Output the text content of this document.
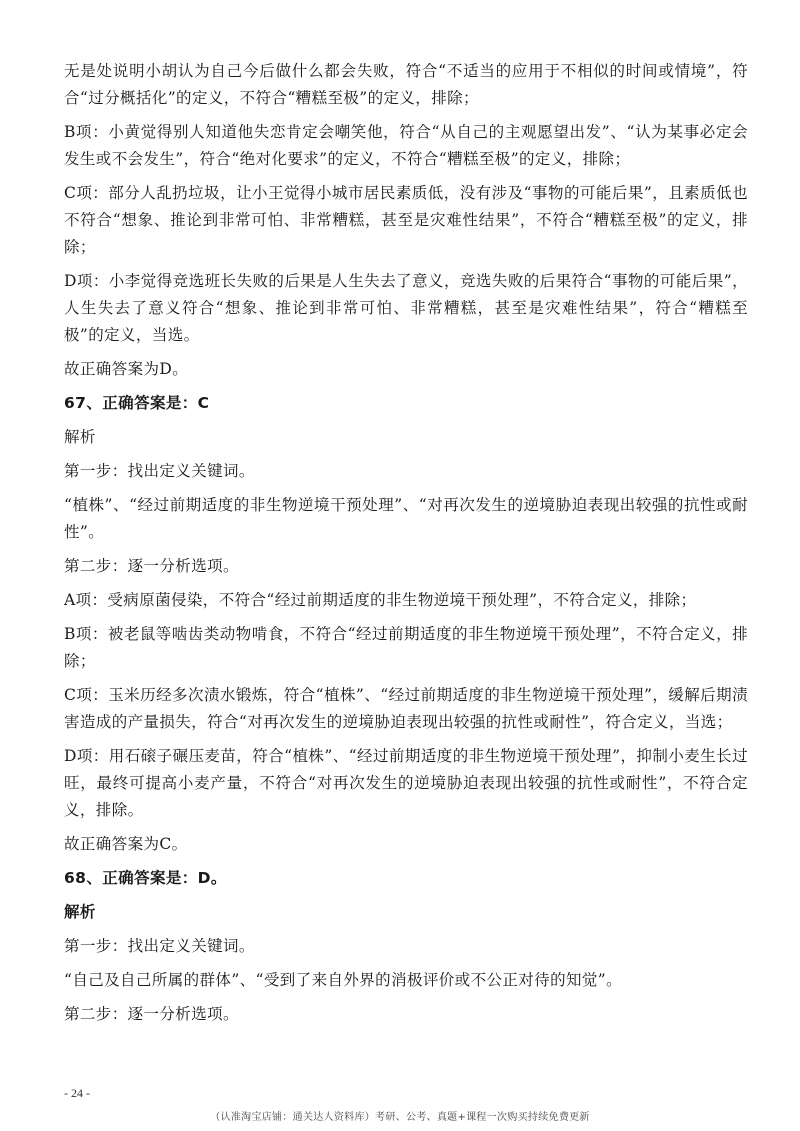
无是处说明小胡认为自己今后做什么都会失败，符合“不适当的应用于不相似的时间或情境”，符合“过分概括化”的定义，不符合“糟糕至极”的定义，排除；

B项：小黄觉得别人知道他失恋肯定会嘲笑他，符合“从自己的主观愿望出发”、“认为某事必定会发生或不会发生”，符合“绝对化要求”的定义，不符合“糟糕至极”的定义，排除；

C项：部分人乱扔垃圾，让小王觉得小城市居民素质低，没有涉及“事物的可能后果”，且素质低也不符合“想象、推论到非常可怕、非常糟糕，甚至是灾难性结果”，不符合“糟糕至极”的定义，排除；

D项：小李觉得竞选班长失败的后果是人生失去了意义，竞选失败的后果符合“事物的可能后果”，人生失去了意义符合“想象、推论到非常可怕、非常糟糕，甚至是灾难性结果”，符合“糟糕至极”的定义，当选。

故正确答案为D。

67、正确答案是：C

解析

第一步：找出定义关键词。

“植株”、“经过前期适度的非生物逆境干预处理”、“对再次发生的逆境胁迫表现出较强的抗性或耐性”。

第二步：逐一分析选项。

A项：受病原菌侵染，不符合“经过前期适度的非生物逆境干预处理”，不符合定义，排除；

B项：被老鼠等啮齿类动物啃食，不符合“经过前期适度的非生物逆境干预处理”，不符合定义，排除；

C项：玉米历经多次渍水锻炼，符合“植株”、“经过前期适度的非生物逆境干预处理”，缓解后期渍害造成的产量损失，符合“对再次发生的逆境胁迫表现出较强的抗性或耐性”，符合定义，当选；

D项：用石磙子碾压麦苗，符合“植株”、“经过前期适度的非生物逆境干预处理”，抑制小麦生长过旺，最终可提高小麦产量，不符合“对再次发生的逆境胁迫表现出较强的抗性或耐性”，不符合定义，排除。

故正确答案为C。

68、正确答案是：D。

解析

第一步：找出定义关键词。

“自己及自己所属的群体”、“受到了来自外界的消极评价或不公正对待的知觉”。

第二步：逐一分析选项。

- 24 -
（认准淘宝店铺：通关达人资料库）考研、公考、真题+课程一次购买持续免费更新
